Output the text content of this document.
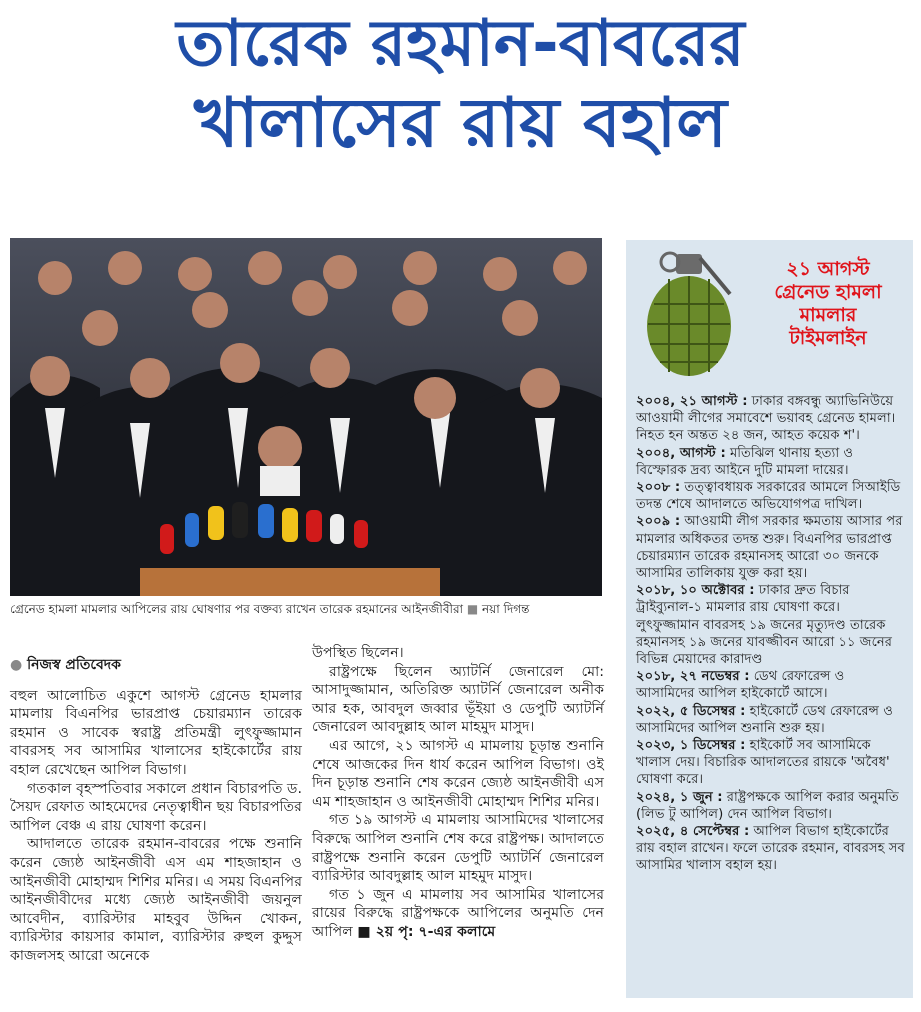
তারেক রহমান-বাবরের
খালাসের রায় বহাল
গ্রেনেড হামলা মামলার আপিলের রায় ঘোষণার পর বক্তব্য রাখেন তারেক রহমানের আইনজীবীরা ■ নয়া দিগন্ত
● নিজস্ব প্রতিবেদক

বহুল আলোচিত একুশে আগস্ট গ্রেনেড হামলার মামলায় বিএনপির ভারপ্রাপ্ত চেয়ারম্যান তারেক রহমান ও সাবেক স্বরাষ্ট্র প্রতিমন্ত্রী লুৎফুজ্জামান বাবরসহ সব আসামির খালাসের হাইকোর্টের রায় বহাল রেখেছেন আপিল বিভাগ।

গতকাল বৃহস্পতিবার সকালে প্রধান বিচারপতি ড. সৈয়দ রেফাত আহমেদের নেতৃত্বাধীন ছয় বিচারপতির আপিল বেঞ্চ এ রায় ঘোষণা করেন।

আদালতে তারেক রহমান-বাবরের পক্ষে শুনানি করেন জ্যেষ্ঠ আইনজীবী এস এম শাহজাহান ও আইনজীবী মোহাম্মদ শিশির মনির। এ সময় বিএনপির আইনজীবীদের মধ্যে জ্যেষ্ঠ আইনজীবী জয়নুল আবেদীন, ব্যারিস্টার মাহবুব উদ্দিন খোকন, ব্যারিস্টার কায়সার কামাল, ব্যারিস্টার রুহুল কুদ্দুস কাজলসহ আরো অনেকে

উপস্থিত ছিলেন।

রাষ্ট্রপক্ষে ছিলেন অ্যাটর্নি জেনারেল মো: আসাদুজ্জামান, অতিরিক্ত অ্যাটর্নি জেনারেল অনীক আর হক, আবদুল জব্বার ভূঁইয়া ও ডেপুটি অ্যাটর্নি জেনারেল আবদুল্লাহ আল মাহমুদ মাসুদ।

এর আগে, ২১ আগস্ট এ মামলায় চূড়ান্ত শুনানি শেষে আজকের দিন ধার্য করেন আপিল বিভাগ। ওই দিন চূড়ান্ত শুনানি শেষ করেন জ্যেষ্ঠ আইনজীবী এস এম শাহজাহান ও আইনজীবী মোহাম্মদ শিশির মনির।

গত ১৯ আগস্ট এ মামলায় আসামিদের খালাসের বিরুদ্ধে আপিল শুনানি শেষ করে রাষ্ট্রপক্ষ। আদালতে রাষ্ট্রপক্ষে শুনানি করেন ডেপুটি অ্যাটর্নি জেনারেল ব্যারিস্টার আবদুল্লাহ আল মাহমুদ মাসুদ।

গত ১ জুন এ মামলায় সব আসামির খালাসের রায়ের বিরুদ্ধে রাষ্ট্রপক্ষকে আপিলের অনুমতি দেন আপিল ■ ২য় পৃ: ৭-এর কলামে

২১ আগস্ট
গ্রেনেড হামলা
মামলার
টাইমলাইন

২০০৪, ২১ আগস্ট : ঢাকার বঙ্গবন্ধু অ্যাভিনিউয়ে আওয়ামী লীগের সমাবেশে ভয়াবহ গ্রেনেড হামলা। নিহত হন অন্তত ২৪ জন, আহত কয়েক শ'।

২০০৪, আগস্ট : মতিঝিল থানায় হত্যা ও বিস্ফোরক দ্রব্য আইনে দুটি মামলা দায়ের।

২০০৮ : তত্ত্বাবধায়ক সরকারের আমলে সিআইডি তদন্ত শেষে আদালতে অভিযোগপত্র দাখিল।

২০০৯ : আওয়ামী লীগ সরকার ক্ষমতায় আসার পর মামলার অধিকতর তদন্ত শুরু। বিএনপির ভারপ্রাপ্ত চেয়ারম্যান তারেক রহমানসহ আরো ৩০ জনকে আসামির তালিকায় যুক্ত করা হয়।

২০১৮, ১০ অক্টোবর : ঢাকার দ্রুত বিচার ট্রাইব্যুনাল-১ মামলার রায় ঘোষণা করে। লুৎফুজ্জামান বাবরসহ ১৯ জনের মৃত্যুদণ্ড তারেক রহমানসহ ১৯ জনের যাবজ্জীবন আরো ১১ জনের বিভিন্ন মেয়াদের কারাদণ্ড

২০১৮, ২৭ নভেম্বর : ডেথ রেফারেন্স ও আসামিদের আপিল হাইকোর্টে আসে।

২০২২, ৫ ডিসেম্বর : হাইকোর্টে ডেথ রেফারেন্স ও আসামিদের আপিল শুনানি শুরু হয়।

২০২৩, ১ ডিসেম্বর : হাইকোর্ট সব আসামিকে খালাস দেয়। বিচারিক আদালতের রায়কে 'অবৈধ' ঘোষণা করে।

২০২৪, ১ জুন : রাষ্ট্রপক্ষকে আপিল করার অনুমতি (লিভ টু আপিল) দেন আপিল বিভাগ।

২০২৫, ৪ সেপ্টেম্বর : আপিল বিভাগ হাইকোর্টের রায় বহাল রাখেন। ফলে তারেক রহমান, বাবরসহ সব আসামির খালাস বহাল হয়।
